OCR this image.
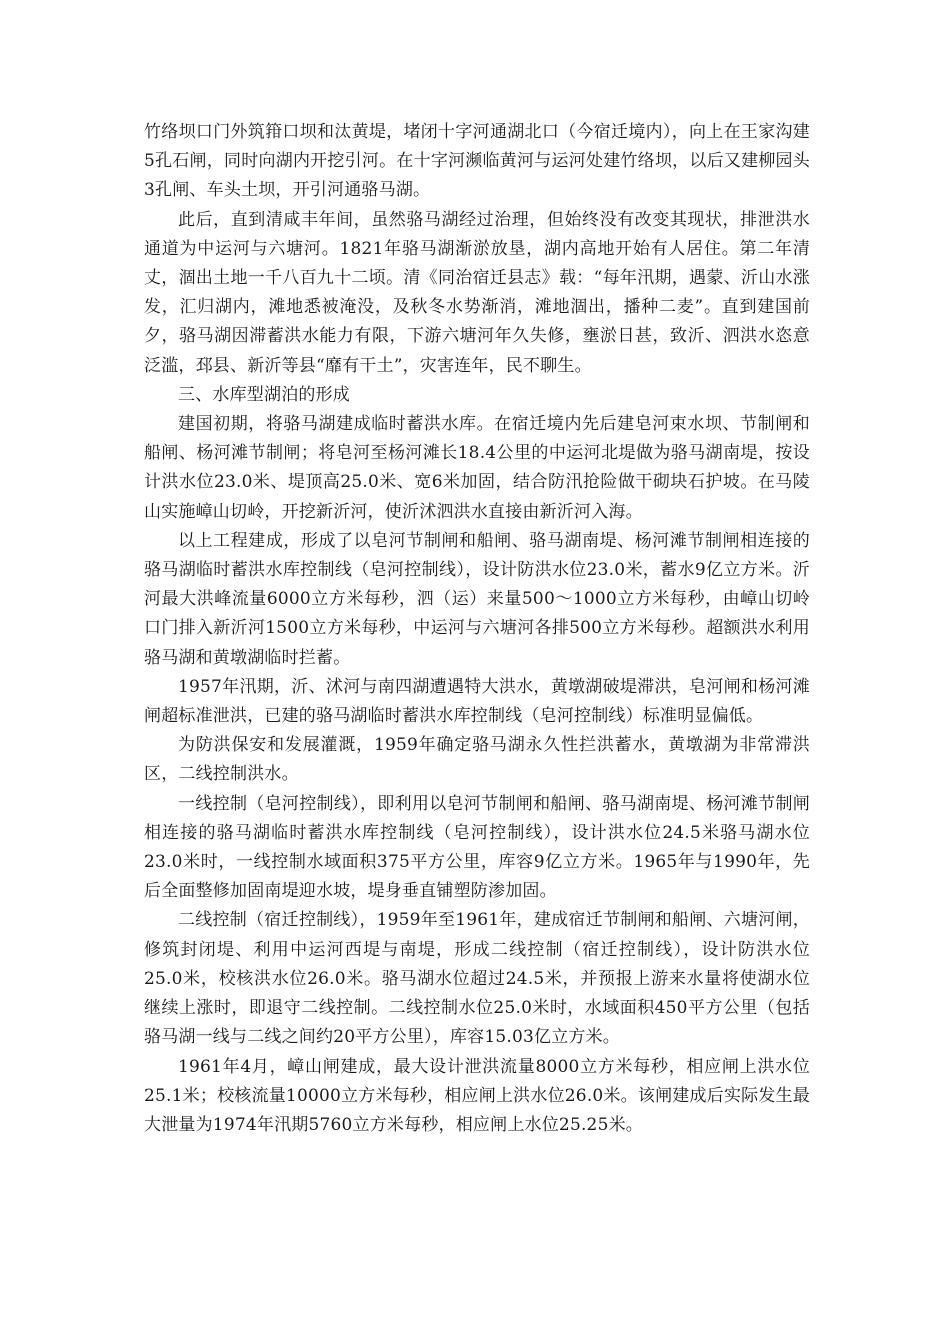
竹络坝口门外筑箝口坝和汰黄堤，堵闭十字河通湖北口（今宿迁境内），向上在王家沟建5孔石闸，同时向湖内开挖引河。在十字河濒临黄河与运河处建竹络坝，以后又建柳园头3孔闸、车头土坝，开引河通骆马湖。

此后，直到清咸丰年间，虽然骆马湖经过治理，但始终没有改变其现状，排泄洪水通道为中运河与六塘河。1821年骆马湖渐淤放垦，湖内高地开始有人居住。第二年清丈，涸出土地一千八百九十二顷。清《同治宿迁县志》载：“每年汛期，遇蒙、沂山水涨发，汇归湖内，滩地悉被淹没，及秋冬水势渐消，滩地涸出，播种二麦”。直到建国前夕，骆马湖因滞蓄洪水能力有限，下游六塘河年久失修，壅淤日甚，致沂、泗洪水恣意泛滥，邳县、新沂等县“靡有干土”，灾害连年，民不聊生。

三、水库型湖泊的形成

建国初期，将骆马湖建成临时蓄洪水库。在宿迁境内先后建皂河束水坝、节制闸和船闸、杨河滩节制闸；将皂河至杨河滩长18.4公里的中运河北堤做为骆马湖南堤，按设计洪水位23.0米、堤顶高25.0米、宽6米加固，结合防汛抢险做干砌块石护坡。在马陵山实施嶂山切岭，开挖新沂河，使沂沭泗洪水直接由新沂河入海。

以上工程建成，形成了以皂河节制闸和船闸、骆马湖南堤、杨河滩节制闸相连接的骆马湖临时蓄洪水库控制线（皂河控制线），设计防洪水位23.0米，蓄水9亿立方米。沂河最大洪峰流量6000立方米每秒，泗（运）来量500～1000立方米每秒，由嶂山切岭口门排入新沂河1500立方米每秒，中运河与六塘河各排500立方米每秒。超额洪水利用骆马湖和黄墩湖临时拦蓄。

1957年汛期，沂、沭河与南四湖遭遇特大洪水，黄墩湖破堤滞洪，皂河闸和杨河滩闸超标准泄洪，已建的骆马湖临时蓄洪水库控制线（皂河控制线）标准明显偏低。

为防洪保安和发展灌溉，1959年确定骆马湖永久性拦洪蓄水，黄墩湖为非常滞洪区，二线控制洪水。

一线控制（皂河控制线），即利用以皂河节制闸和船闸、骆马湖南堤、杨河滩节制闸相连接的骆马湖临时蓄洪水库控制线（皂河控制线），设计洪水位24.5米骆马湖水位23.0米时，一线控制水域面积375平方公里，库容9亿立方米。1965年与1990年，先后全面整修加固南堤迎水坡，堤身垂直铺塑防渗加固。

二线控制（宿迁控制线），1959年至1961年，建成宿迁节制闸和船闸、六塘河闸，修筑封闭堤、利用中运河西堤与南堤，形成二线控制（宿迁控制线），设计防洪水位25.0米，校核洪水位26.0米。骆马湖水位超过24.5米，并预报上游来水量将使湖水位继续上涨时，即退守二线控制。二线控制水位25.0米时，水域面积450平方公里（包括骆马湖一线与二线之间约20平方公里），库容15.03亿立方米。

1961年4月，嶂山闸建成，最大设计泄洪流量8000立方米每秒，相应闸上洪水位25.1米；校核流量10000立方米每秒，相应闸上洪水位26.0米。该闸建成后实际发生最大泄量为1974年汛期5760立方米每秒，相应闸上水位25.25米。
